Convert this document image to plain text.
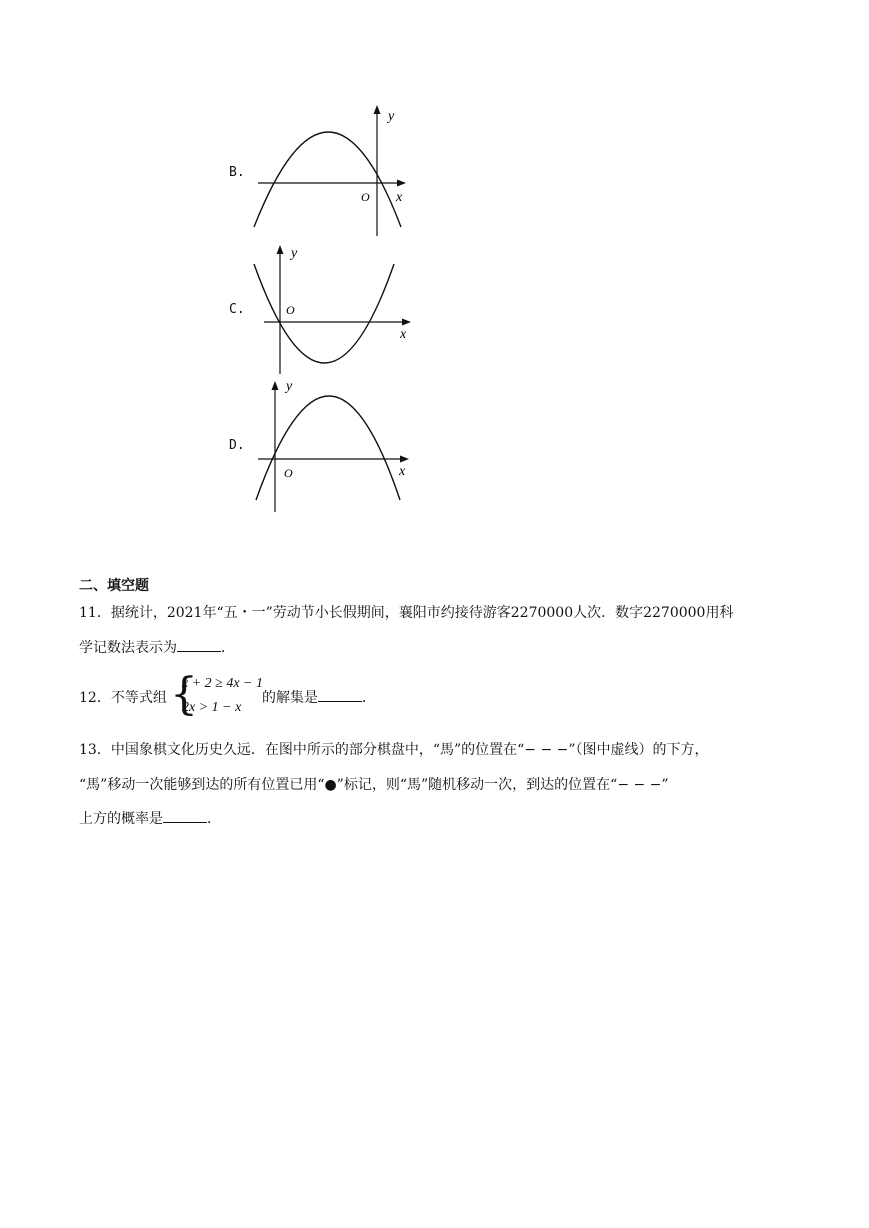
B.
y
x
O
C.
y
x
O
D.
y
x
O
二、填空题
11．据统计，2021年“五・一”劳动节小长假期间，襄阳市约接待游客2270000人次．数字2270000用科
学记数法表示为	．
12．不等式组 {
x + 2 ≥ 4x − 1
2x > 1 − x
的解集是	．
13．中国象棋文化历史久远．在图中所示的部分棋盘中，“馬”的位置在“− − −”（图中虚线）的下方，
“馬”移动一次能够到达的所有位置已用“●”标记，则“馬”随机移动一次，到达的位置在“− − −”
上方的概率是	．
